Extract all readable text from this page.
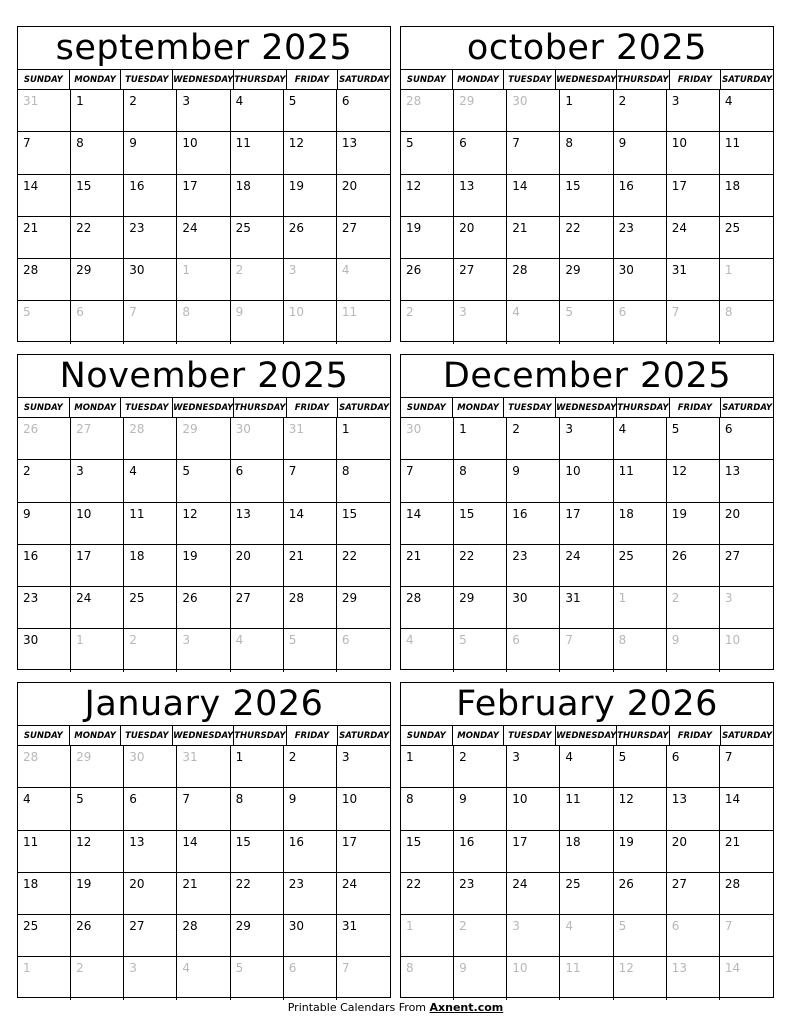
september 2025
SUNDAY	MONDAY	TUESDAY WEDNESDAY THURSDAY	FRIDAY	SATURDAY
31	1	2	3	4	5	6
7	8	9	10	11	12	13
14	15	16	17	18	19	20
21	22	23	24	25	26	27
28	29	30	1	2	3	4
5	6	7	8	9	10	11
october 2025
SUNDAY	MONDAY	TUESDAY WEDNESDAY THURSDAY	FRIDAY	SATURDAY
28	29	30	1	2	3	4
5	6	7	8	9	10	11
12	13	14	15	16	17	18
19	20	21	22	23	24	25
26	27	28	29	30	31	1
2	3	4	5	6	7	8
November 2025
SUNDAY	MONDAY	TUESDAY WEDNESDAY THURSDAY	FRIDAY	SATURDAY
26	27	28	29	30	31	1
2	3	4	5	6	7	8
9	10	11	12	13	14	15
16	17	18	19	20	21	22
23	24	25	26	27	28	29
30	1	2	3	4	5	6
December 2025
SUNDAY	MONDAY	TUESDAY WEDNESDAY THURSDAY	FRIDAY	SATURDAY
30	1	2	3	4	5	6
7	8	9	10	11	12	13
14	15	16	17	18	19	20
21	22	23	24	25	26	27
28	29	30	31	1	2	3
4	5	6	7	8	9	10
January 2026
SUNDAY	MONDAY	TUESDAY WEDNESDAY THURSDAY	FRIDAY	SATURDAY
28	29	30	31	1	2	3
4	5	6	7	8	9	10
11	12	13	14	15	16	17
18	19	20	21	22	23	24
25	26	27	28	29	30	31
1	2	3	4	5	6	7
February 2026
SUNDAY	MONDAY	TUESDAY WEDNESDAY THURSDAY	FRIDAY	SATURDAY
1	2	3	4	5	6	7
8	9	10	11	12	13	14
15	16	17	18	19	20	21
22	23	24	25	26	27	28
1	2	3	4	5	6	7
8	9	10	11	12	13	14
Printable Calendars From Axnent.com
